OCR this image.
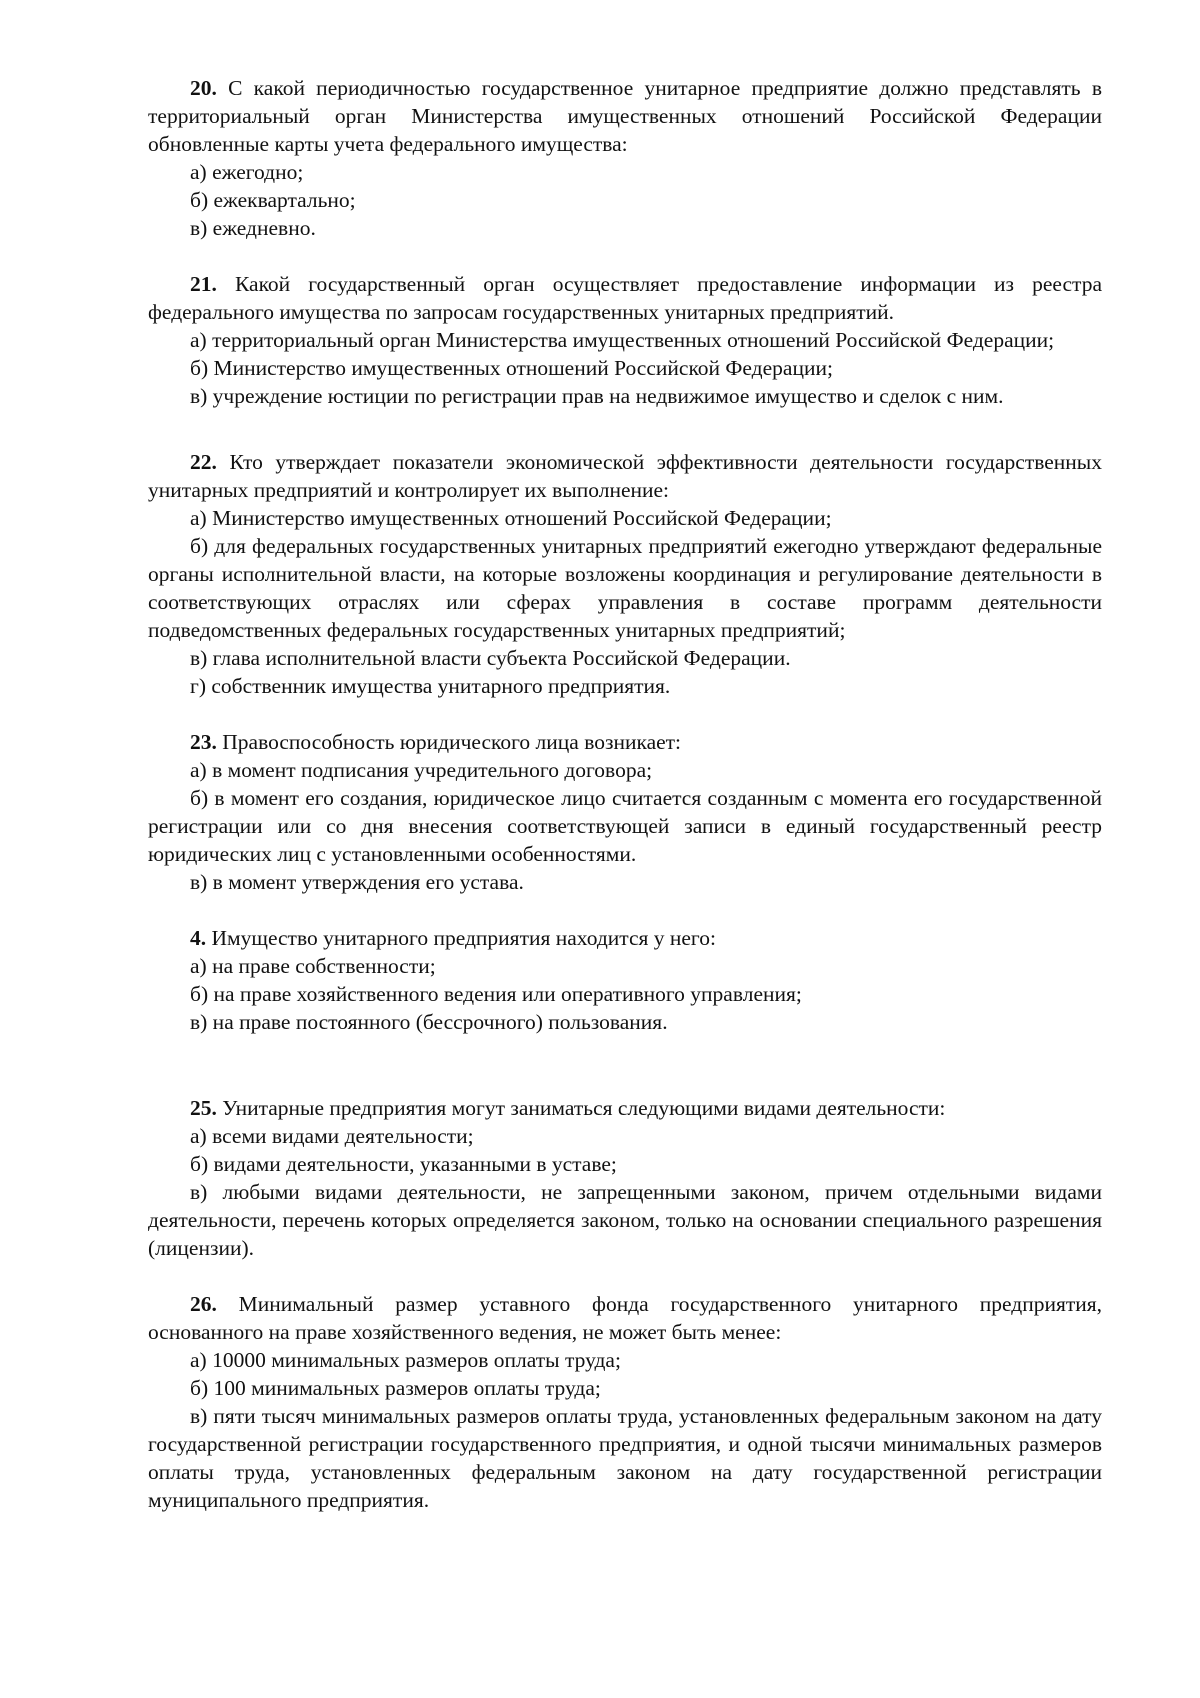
20. С какой периодичностью государственное унитарное предприятие должно представлять в территориальный орган Министерства имущественных отношений Российской Федерации обновленные карты учета федерального имущества:

а) ежегодно;

б) ежеквартально;

в) ежедневно.

21. Какой государственный орган осуществляет предоставление информации из реестра федерального имущества по запросам государственных унитарных предприятий.

а) территориальный орган Министерства имущественных отношений Российской Федерации;

б) Министерство имущественных отношений Российской Федерации;

в) учреждение юстиции по регистрации прав на недвижимое имущество и сделок с ним.

22. Кто утверждает показатели экономической эффективности деятельности государственных унитарных предприятий и контролирует их выполнение:

а) Министерство имущественных отношений Российской Федерации;

б) для федеральных государственных унитарных предприятий ежегодно утверждают федеральные органы исполнительной власти, на которые возложены координация и регулирование деятельности в соответствующих отраслях или сферах управления в составе программ деятельности подведомственных федеральных государственных унитарных предприятий;

в) глава исполнительной власти субъекта Российской Федерации.

г) собственник имущества унитарного предприятия.

23. Правоспособность юридического лица возникает:

а) в момент подписания учредительного договора;

б) в момент его создания, юридическое лицо считается созданным с момента его государственной регистрации или со дня внесения соответствующей записи в единый государственный реестр юридических лиц с установленными особенностями.

в) в момент утверждения его устава.

4. Имущество унитарного предприятия находится у него:

а) на праве собственности;

б) на праве хозяйственного ведения или оперативного управления;

в) на праве постоянного (бессрочного) пользования.

25. Унитарные предприятия могут заниматься следующими видами деятельности:

а) всеми видами деятельности;

б) видами деятельности, указанными в уставе;

в) любыми видами деятельности, не запрещенными законом, причем отдельными видами деятельности, перечень которых определяется законом, только на основании специального разрешения (лицензии).

26. Минимальный размер уставного фонда государственного унитарного предприятия, основанного на праве хозяйственного ведения, не может быть менее:

а) 10000 минимальных размеров оплаты труда;

б) 100 минимальных размеров оплаты труда;

в) пяти тысяч минимальных размеров оплаты труда, установленных федеральным законом на дату государственной регистрации государственного предприятия, и одной тысячи минимальных размеров оплаты труда, установленных федеральным законом на дату государственной регистрации муниципального предприятия.
